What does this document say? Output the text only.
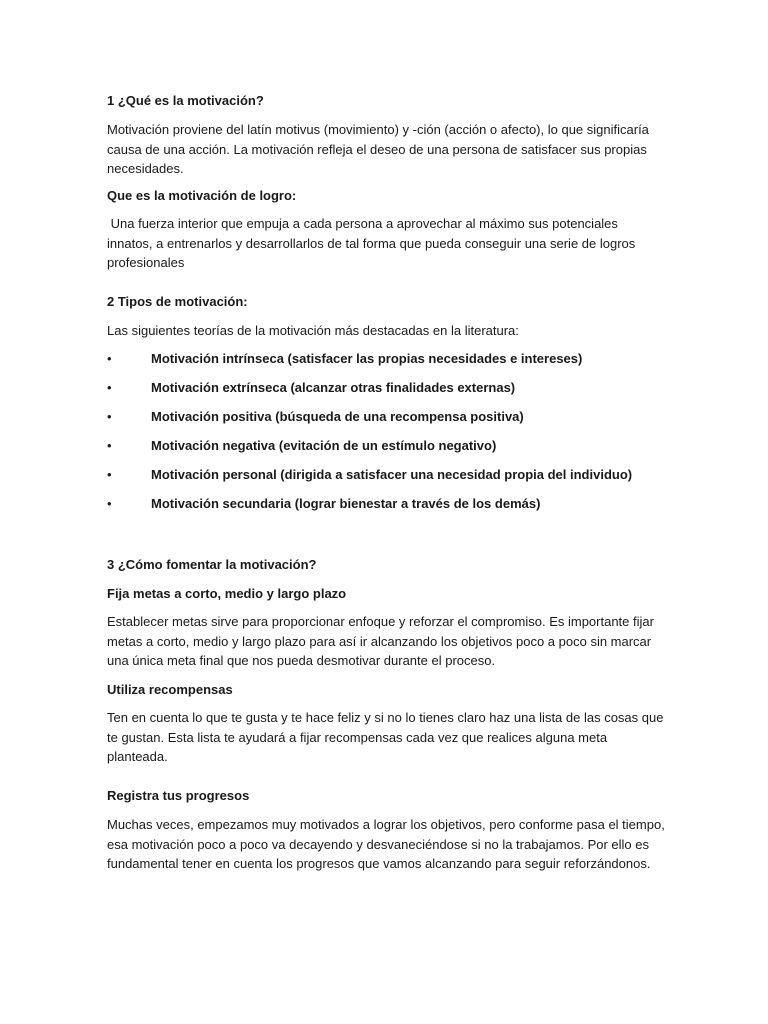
1 ¿Qué es la motivación?

Motivación proviene del latín motivus (movimiento) y -ción (acción o afecto), lo que significaría causa de una acción. La motivación refleja el deseo de una persona de satisfacer sus propias necesidades.

Que es la motivación de logro:

Una fuerza interior que empuja a cada persona a aprovechar al máximo sus potenciales innatos, a entrenarlos y desarrollarlos de tal forma que pueda conseguir una serie de logros profesionales

2 Tipos de motivación:

Las siguientes teorías de la motivación más destacadas en la literatura:

•	Motivación intrínseca (satisfacer las propias necesidades e intereses)
•	Motivación extrínseca (alcanzar otras finalidades externas)
•	Motivación positiva (búsqueda de una recompensa positiva)
•	Motivación negativa (evitación de un estímulo negativo)
•	Motivación personal (dirigida a satisfacer una necesidad propia del individuo)
•	Motivación secundaria (lograr bienestar a través de los demás)

3 ¿Cómo fomentar la motivación?

Fija metas a corto, medio y largo plazo

Establecer metas sirve para proporcionar enfoque y reforzar el compromiso. Es importante fijar metas a corto, medio y largo plazo para así ir alcanzando los objetivos poco a poco sin marcar una única meta final que nos pueda desmotivar durante el proceso.

Utiliza recompensas

Ten en cuenta lo que te gusta y te hace feliz y si no lo tienes claro haz una lista de las cosas que te gustan. Esta lista te ayudará a fijar recompensas cada vez que realices alguna meta planteada.

Registra tus progresos

Muchas veces, empezamos muy motivados a lograr los objetivos, pero conforme pasa el tiempo, esa motivación poco a poco va decayendo y desvaneciéndose si no la trabajamos. Por ello es fundamental tener en cuenta los progresos que vamos alcanzando para seguir reforzándonos.
